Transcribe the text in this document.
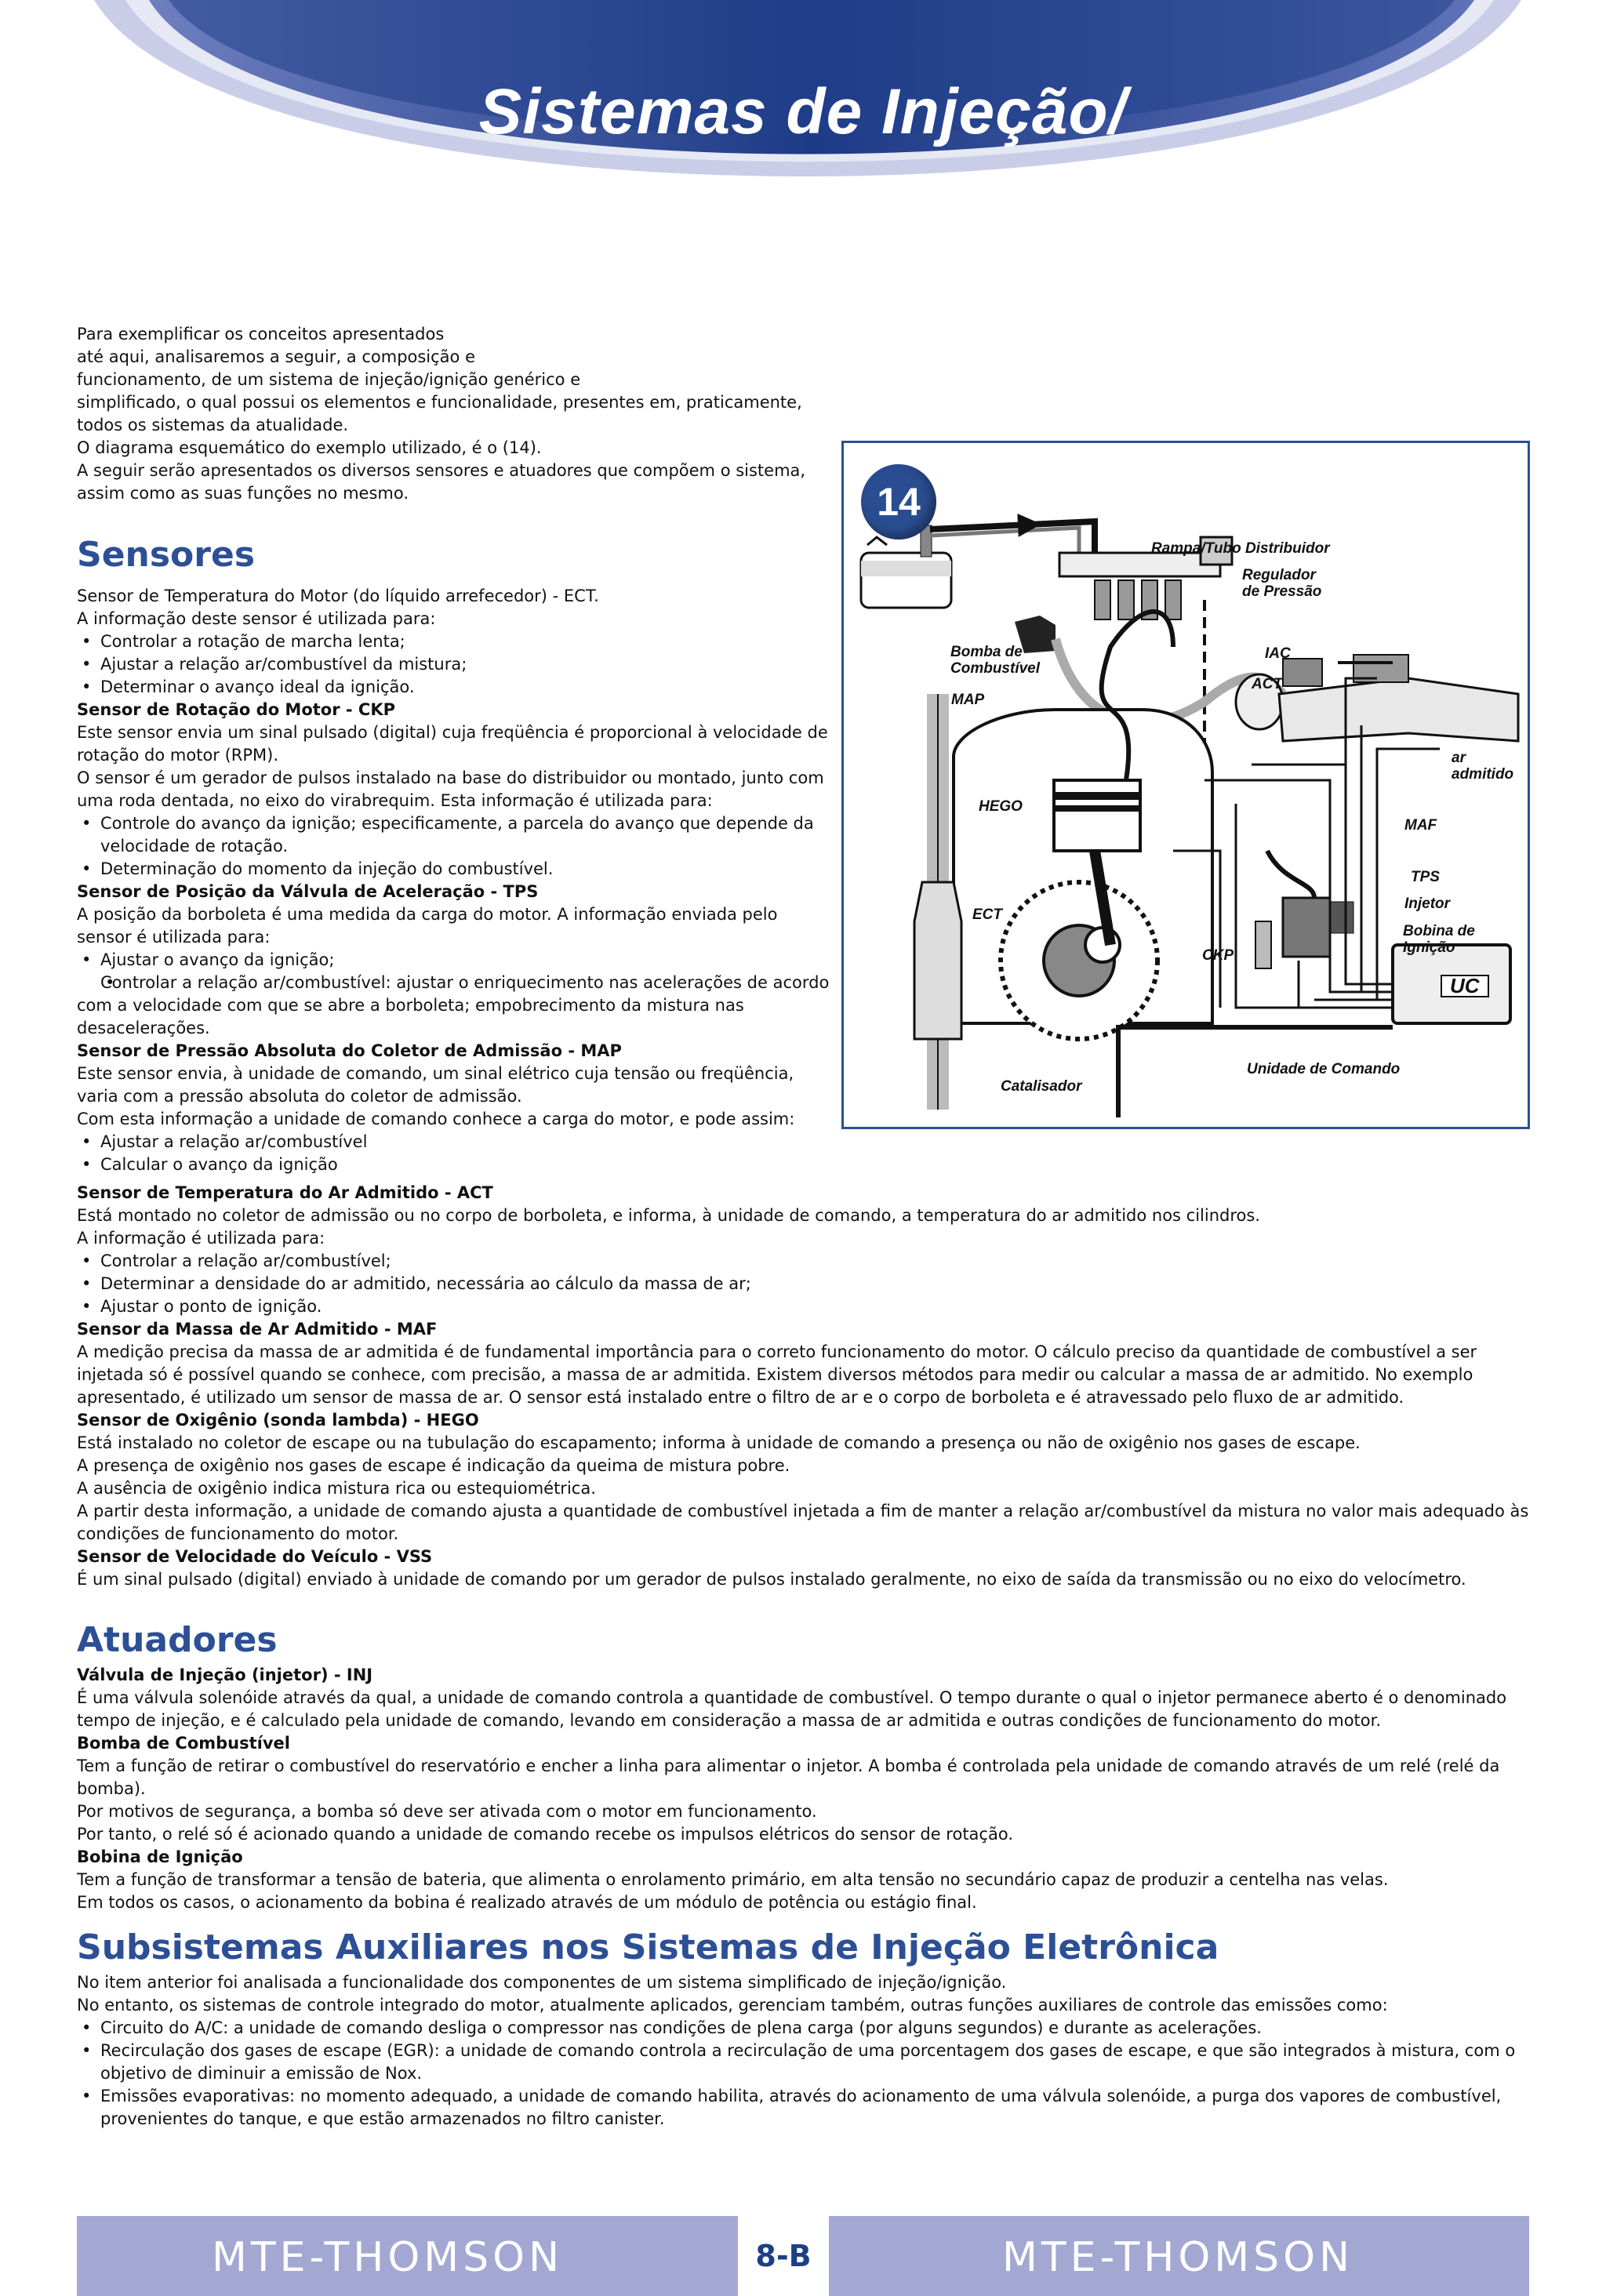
Sistemas de Injeção/
Ignição Eletrônica

Para exemplificar os conceitos apresentados

até aqui, analisaremos a seguir, a composição e

funcionamento, de um sistema de injeção/ignição genérico e

simplificado, o qual possui os elementos e funcionalidade, presentes em, praticamente,

todos os sistemas da atualidade.

O diagrama esquemático do exemplo utilizado, é o (14).

A seguir serão apresentados os diversos sensores e atuadores que compõem o sistema,

assim como as suas funções no mesmo.

Rampa/Tubo Distribuidor
Regulador
de Pressão
Bomba de
Combustível
IAC
ACT
MAP
ar
admitido
HEGO
MAF
TPS
Injetor
Bobina de
Ignição
ECT
CKP
UC
Unidade de Comando
Catalisador
14
Sensores

Sensor de Temperatura do Motor (do líquido arrefecedor) - ECT.

A informação deste sensor é utilizada para:

• Controlar a rotação de marcha lenta;
• Ajustar a relação ar/combustível da mistura;
• Determinar o avanço ideal da ignição.

Sensor de Rotação do Motor - CKP

Este sensor envia um sinal pulsado (digital) cuja freqüência é proporcional à velocidade de rotação do motor (RPM).

O sensor é um gerador de pulsos instalado na base do distribuidor ou montado, junto com uma roda dentada, no eixo do virabrequim. Esta informação é utilizada para:

• Controle do avanço da ignição; especificamente, a parcela do avanço que depende da velocidade de rotação.
• Determinação do momento da injeção do combustível.

Sensor de Posição da Válvula de Aceleração - TPS

A posição da borboleta é uma medida da carga do motor. A informação enviada pelo sensor é utilizada para:

• Ajustar o avanço da ignição;
• Controlar a relação ar/combustível: ajustar o enriquecimento nas acelerações de acordo com a velocidade com que se abre a borboleta; empobrecimento da mistura nas desacelerações.

Sensor de Pressão Absoluta do Coletor de Admissão - MAP

Este sensor envia, à unidade de comando, um sinal elétrico cuja tensão ou freqüência, varia com a pressão absoluta do coletor de admissão.

Com esta informação a unidade de comando conhece a carga do motor, e pode assim:

• Ajustar a relação ar/combustível
• Calcular o avanço da ignição

Sensor de Temperatura do Ar Admitido - ACT

Está montado no coletor de admissão ou no corpo de borboleta, e informa, à unidade de comando, a temperatura do ar admitido nos cilindros.

A informação é utilizada para:

• Controlar a relação ar/combustível;
• Determinar a densidade do ar admitido, necessária ao cálculo da massa de ar;
• Ajustar o ponto de ignição.

Sensor da Massa de Ar Admitido - MAF

A medição precisa da massa de ar admitida é de fundamental importância para o correto funcionamento do motor. O cálculo preciso da quantidade de combustível a ser injetada só é possível quando se conhece, com precisão, a massa de ar admitida. Existem diversos métodos para medir ou calcular a massa de ar admitido. No exemplo apresentado, é utilizado um sensor de massa de ar. O sensor está instalado entre o filtro de ar e o corpo de borboleta e é atravessado pelo fluxo de ar admitido.

Sensor de Oxigênio (sonda lambda) - HEGO

Está instalado no coletor de escape ou na tubulação do escapamento; informa à unidade de comando a presença ou não de oxigênio nos gases de escape.

A presença de oxigênio nos gases de escape é indicação da queima de mistura pobre.

A ausência de oxigênio indica mistura rica ou estequiométrica.

A partir desta informação, a unidade de comando ajusta a quantidade de combustível injetada a fim de manter a relação ar/combustível da mistura no valor mais adequado às condições de funcionamento do motor.

Sensor de Velocidade do Veículo - VSS

É um sinal pulsado (digital) enviado à unidade de comando por um gerador de pulsos instalado geralmente, no eixo de saída da transmissão ou no eixo do velocímetro.

Atuadores

Válvula de Injeção (injetor) - INJ

É uma válvula solenóide através da qual, a unidade de comando controla a quantidade de combustível. O tempo durante o qual o injetor permanece aberto é o denominado tempo de injeção, e é calculado pela unidade de comando, levando em consideração a massa de ar admitida e outras condições de funcionamento do motor.

Bomba de Combustível

Tem a função de retirar o combustível do reservatório e encher a linha para alimentar o injetor. A bomba é controlada pela unidade de comando através de um relé (relé da bomba).

Por motivos de segurança, a bomba só deve ser ativada com o motor em funcionamento.

Por tanto, o relé só é acionado quando a unidade de comando recebe os impulsos elétricos do sensor de rotação.

Bobina de Ignição

Tem a função de transformar a tensão de bateria, que alimenta o enrolamento primário, em alta tensão no secundário capaz de produzir a centelha nas velas.

Em todos os casos, o acionamento da bobina é realizado através de um módulo de potência ou estágio final.

Subsistemas Auxiliares nos Sistemas de Injeção Eletrônica

No item anterior foi analisada a funcionalidade dos componentes de um sistema simplificado de injeção/ignição.

No entanto, os sistemas de controle integrado do motor, atualmente aplicados, gerenciam também, outras funções auxiliares de controle das emissões como:

• Circuito do A/C: a unidade de comando desliga o compressor nas condições de plena carga (por alguns segundos) e durante as acelerações.
• Recirculação dos gases de escape (EGR): a unidade de comando controla a recirculação de uma porcentagem dos gases de escape, e que são integrados à mistura, com o objetivo de diminuir a emissão de Nox.
• Emissões evaporativas: no momento adequado, a unidade de comando habilita, através do acionamento de uma válvula solenóide, a purga dos vapores de combustível, provenientes do tanque, e que estão armazenados no filtro canister.
MTE-THOMSON	8-B	MTE-THOMSON
